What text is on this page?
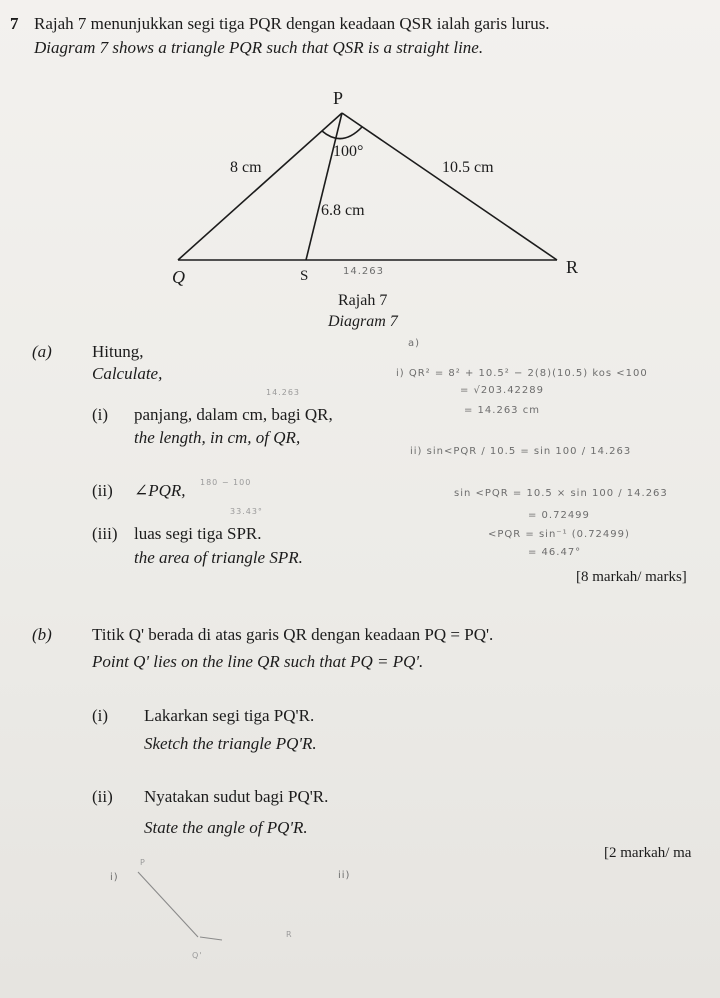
7 Rajah 7 menunjukkan segi tiga PQR dengan keadaan QSR ialah garis lurus.
Diagram 7 shows a triangle PQR such that QSR is a straight line.
P
Q	S	R
8 cm	10.5 cm
6.8 cm
100°
14.263
Rajah 7
Diagram 7
(a) Hitung,
Calculate,
(i) panjang, dalam cm, bagi QR,
the length, in cm, of QR,
(ii) ∠PQR,
(iii) luas segi tiga SPR.
the area of triangle SPR.
[8 markah/ marks]
a)
i) QR² = 8² + 10.5² − 2(8)(10.5) kos <100
= √203.42289
= 14.263 cm
ii) sin<PQR / 10.5 = sin 100 / 14.263
sin <PQR = 10.5 × sin 100 / 14.263
= 0.72499
<PQR = sin⁻¹ (0.72499)
= 46.47°
14.263
180 − 100
33.43°
(b) Titik Q' berada di atas garis QR dengan keadaan PQ = PQ'.
Point Q' lies on the line QR such that PQ = PQ'.
(i) Lakarkan segi tiga PQ'R.
Sketch the triangle PQ'R.
(ii) Nyatakan sudut bagi PQ'R.
State the angle of PQ'R.
[2 markah/ ma
i)	ii)
P
R
Q'
